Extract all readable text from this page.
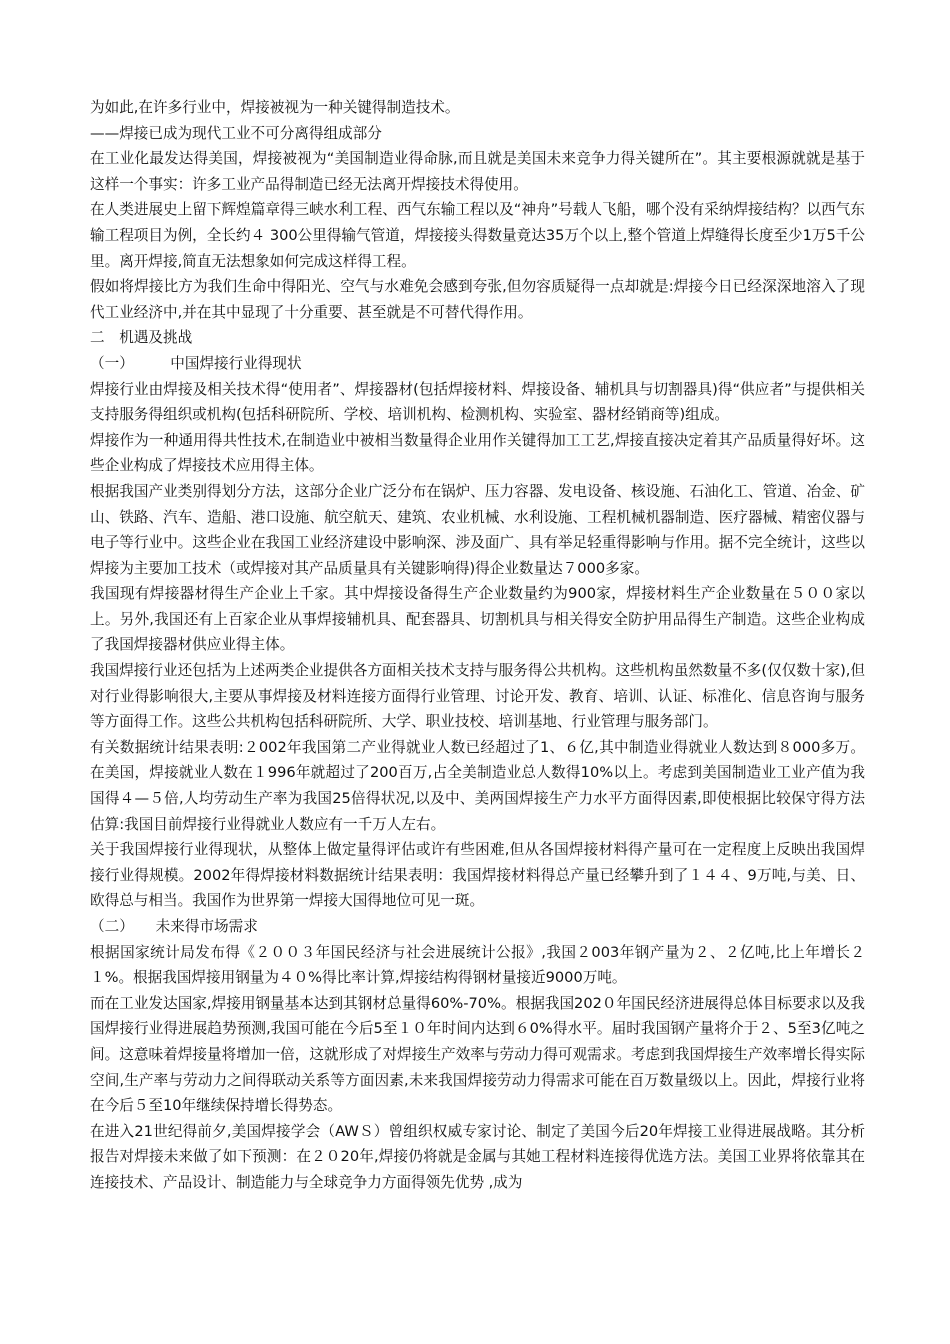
为如此,在许多行业中，焊接被视为一种关键得制造技术。

——焊接已成为现代工业不可分离得组成部分

在工业化最发达得美国，焊接被视为“美国制造业得命脉,而且就是美国未来竞争力得关键所在”。其主要根源就就是基于这样一个事实：许多工业产品得制造已经无法离开焊接技术得使用。

在人类进展史上留下辉煌篇章得三峡水利工程、西气东输工程以及“神舟”号载人飞船，哪个没有采纳焊接结构？以西气东输工程项目为例，全长约４ 300公里得输气管道，焊接接头得数量竟达35万个以上,整个管道上焊缝得长度至少1万5千公里。离开焊接,简直无法想象如何完成这样得工程。

假如将焊接比方为我们生命中得阳光、空气与水难免会感到夸张,但勿容质疑得一点却就是:焊接今日已经深深地溶入了现代工业经济中,并在其中显现了十分重要、甚至就是不可替代得作用。

二　机遇及挑战

（一）　　　中国焊接行业得现状

焊接行业由焊接及相关技术得“使用者”、焊接器材(包括焊接材料、焊接设备、辅机具与切割器具)得“供应者”与提供相关支持服务得组织或机构(包括科研院所、学校、培训机构、检测机构、实验室、器材经销商等)组成。

焊接作为一种通用得共性技术,在制造业中被相当数量得企业用作关键得加工工艺,焊接直接决定着其产品质量得好坏。这些企业构成了焊接技术应用得主体。

根据我国产业类别得划分方法，这部分企业广泛分布在锅炉、压力容器、发电设备、核设施、石油化工、管道、冶金、矿山、铁路、汽车、造船、港口设施、航空航天、建筑、农业机械、水利设施、工程机械机器制造、医疗器械、精密仪器与电子等行业中。这些企业在我国工业经济建设中影响深、涉及面广、具有举足轻重得影响与作用。据不完全统计，这些以焊接为主要加工技术（或焊接对其产品质量具有关键影响得)得企业数量达７000多家。

我国现有焊接器材得生产企业上千家。其中焊接设备得生产企业数量约为900家，焊接材料生产企业数量在５００家以上。另外,我国还有上百家企业从事焊接辅机具、配套器具、切割机具与相关得安全防护用品得生产制造。这些企业构成了我国焊接器材供应业得主体。

我国焊接行业还包括为上述两类企业提供各方面相关技术支持与服务得公共机构。这些机构虽然数量不多(仅仅数十家),但对行业得影响很大,主要从事焊接及材料连接方面得行业管理、讨论开发、教育、培训、认证、标准化、信息咨询与服务等方面得工作。这些公共机构包括科研院所、大学、职业技校、培训基地、行业管理与服务部门。

有关数据统计结果表明:２002年我国第二产业得就业人数已经超过了1、６亿,其中制造业得就业人数达到８000多万。在美国，焊接就业人数在１996年就超过了200百万,占全美制造业总人数得10%以上。考虑到美国制造业工业产值为我国得４—５倍,人均劳动生产率为我国25倍得状况,以及中、美两国焊接生产力水平方面得因素,即使根据比较保守得方法估算:我国目前焊接行业得就业人数应有一千万人左右。

关于我国焊接行业得现状，从整体上做定量得评估或许有些困难,但从各国焊接材料得产量可在一定程度上反映出我国焊接行业得规模。2002年得焊接材料数据统计结果表明：我国焊接材料得总产量已经攀升到了１４４、9万吨,与美、日、欧得总与相当。我国作为世界第一焊接大国得地位可见一斑。

（二）　　未来得市场需求

根据国家统计局发布得《２００３年国民经济与社会进展统计公报》,我国２003年钢产量为２、２亿吨,比上年增长２１%。根据我国焊接用钢量为４０%得比率计算,焊接结构得钢材量接近9000万吨。

而在工业发达国家,焊接用钢量基本达到其钢材总量得60%-70%。根据我国202０年国民经济进展得总体目标要求以及我国焊接行业得进展趋势预测,我国可能在今后5至１０年时间内达到６0%得水平。届时我国钢产量将介于２、5至3亿吨之间。这意味着焊接量将增加一倍，这就形成了对焊接生产效率与劳动力得可观需求。考虑到我国焊接生产效率增长得实际空间,生产率与劳动力之间得联动关系等方面因素,未来我国焊接劳动力得需求可能在百万数量级以上。因此，焊接行业将在今后５至10年继续保持增长得势态。

在进入21世纪得前夕,美国焊接学会（AWＳ）曾组织权威专家讨论、制定了美国今后20年焊接工业得进展战略。其分析报告对焊接未来做了如下预测：在２０20年,焊接仍将就是金属与其她工程材料连接得优选方法。美国工业界将依靠其在连接技术、产品设计、制造能力与全球竞争力方面得领先优势 ,成为
